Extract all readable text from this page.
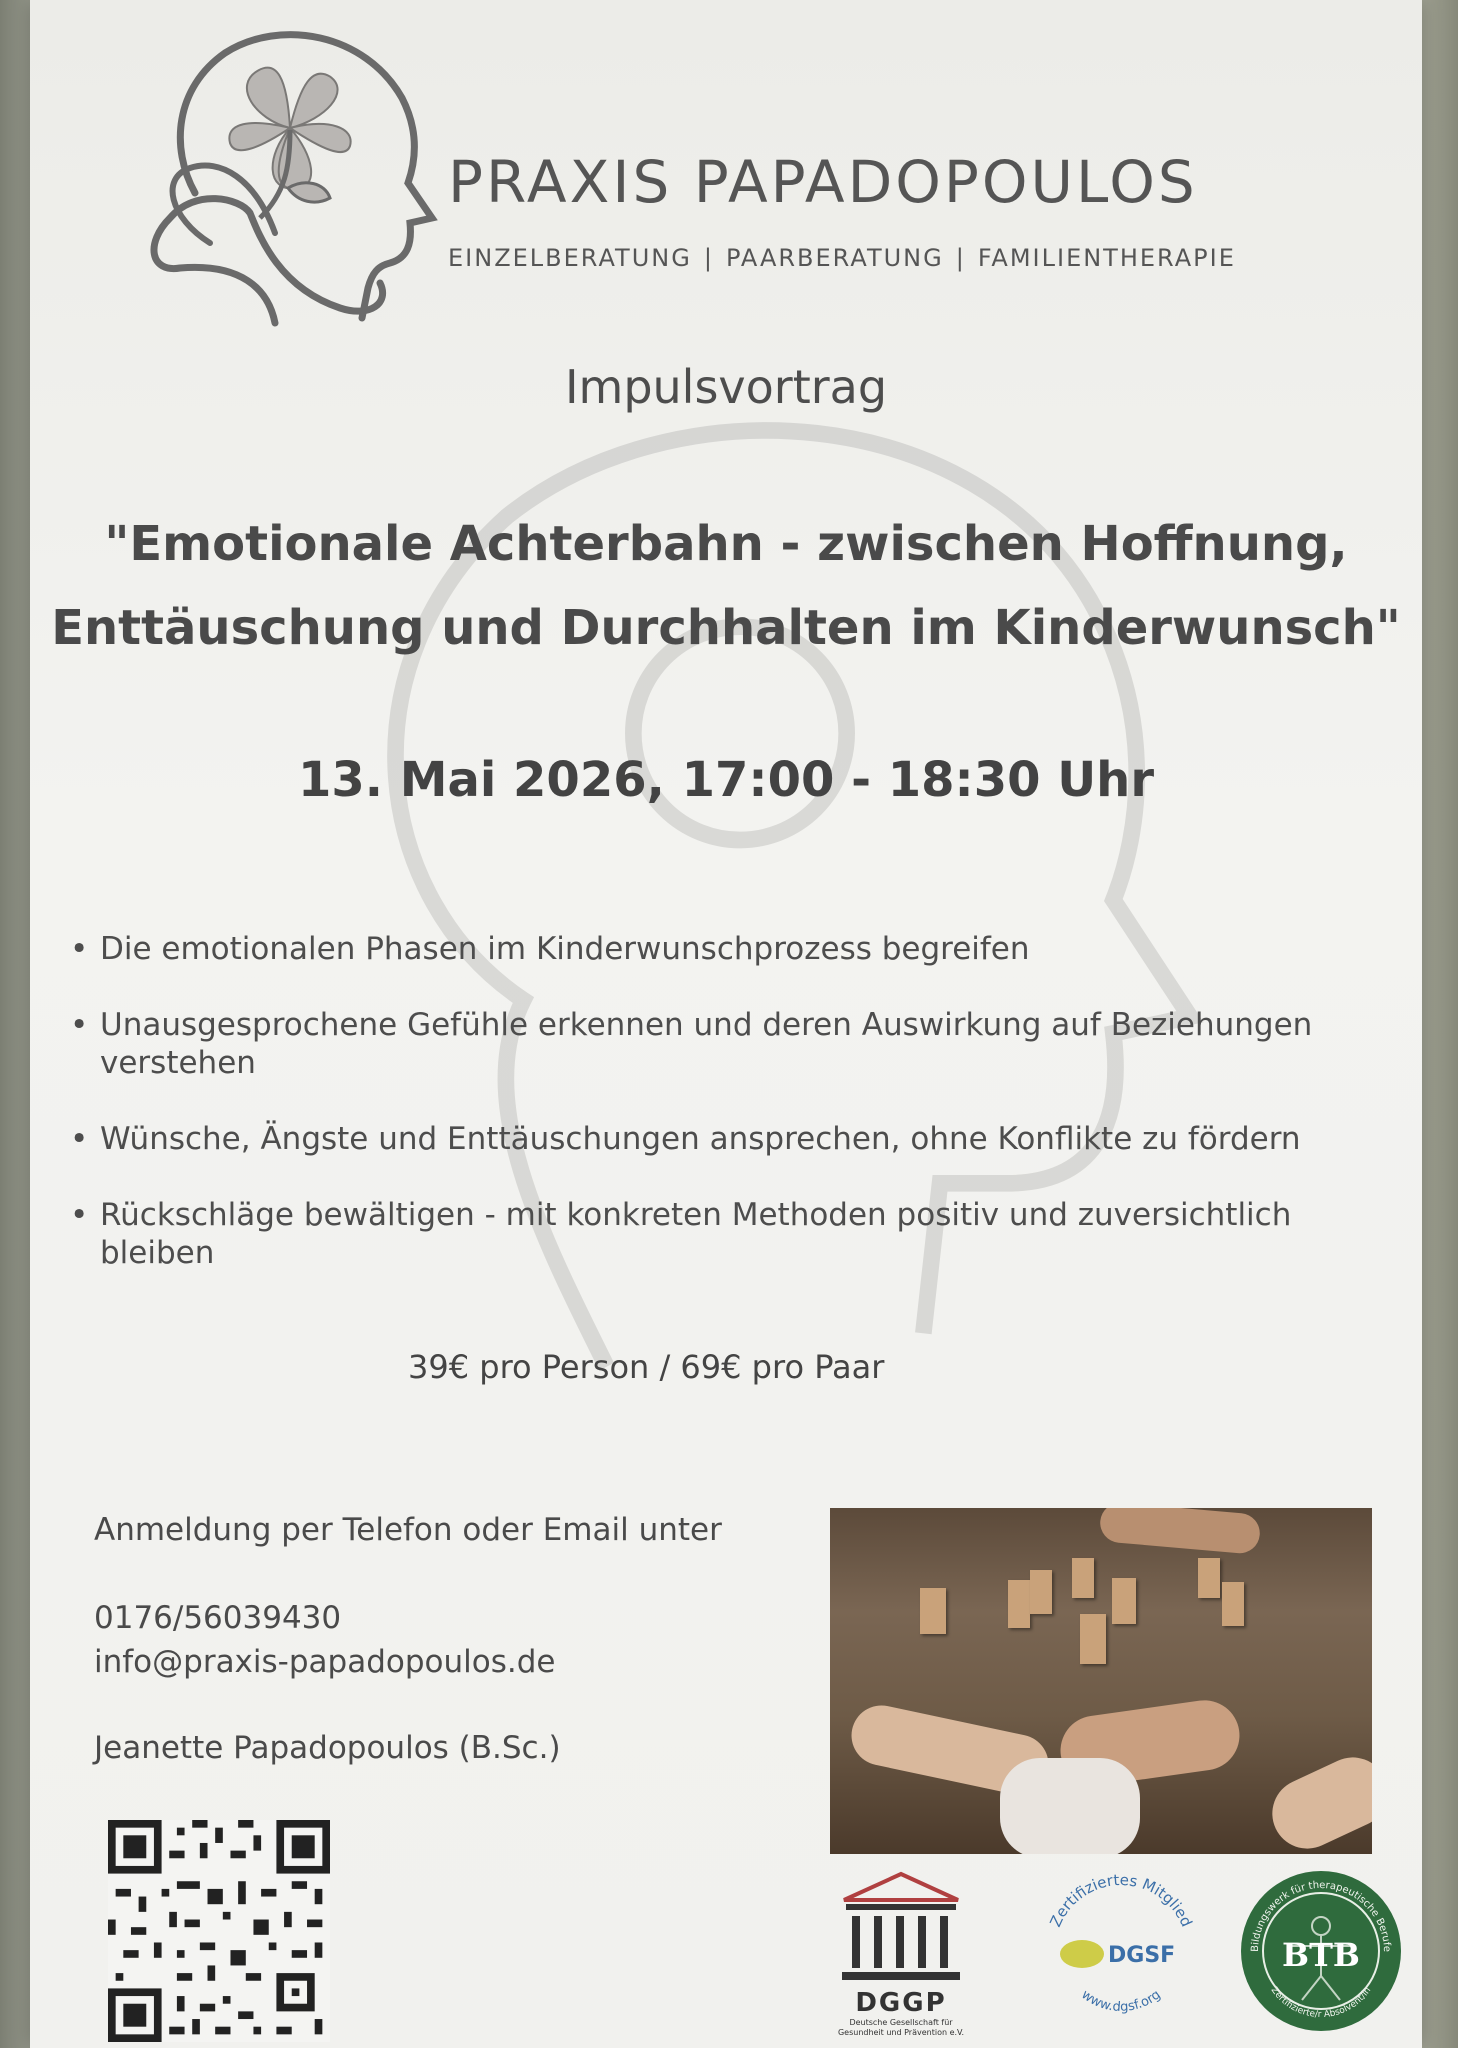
PRAXIS PAPADOPOULOS
EINZELBERATUNG | PAARBERATUNG | FAMILIENTHERAPIE
Impulsvortrag
"Emotionale Achterbahn - zwischen Hoffnung,
Enttäuschung und Durchhalten im Kinderwunsch"
13. Mai 2026, 17:00 - 18:30 Uhr
• Die emotionalen Phasen im Kinderwunschprozess begreifen
• Unausgesprochene Gefühle erkennen und deren Auswirkung auf Beziehungen verstehen
• Wünsche, Ängste und Enttäuschungen ansprechen, ohne Konflikte zu fördern
• Rückschläge bewältigen - mit konkreten Methoden positiv und zuversichtlich bleiben
39€ pro Person / 69€ pro Paar
Anmeldung per Telefon oder Email unter
0176/56039430
info@praxis-papadopoulos.de
Jeanette Papadopoulos (B.Sc.)
DGGP
Deutsche Gesellschaft für Gesundheit und Prävention e.V.
Zertifiziertes Mitglied
www.dgsf.org
DGSF	Bildungswerk für therapeutische Berufe
Zertifizierte/r Absolvent/in
BTB
